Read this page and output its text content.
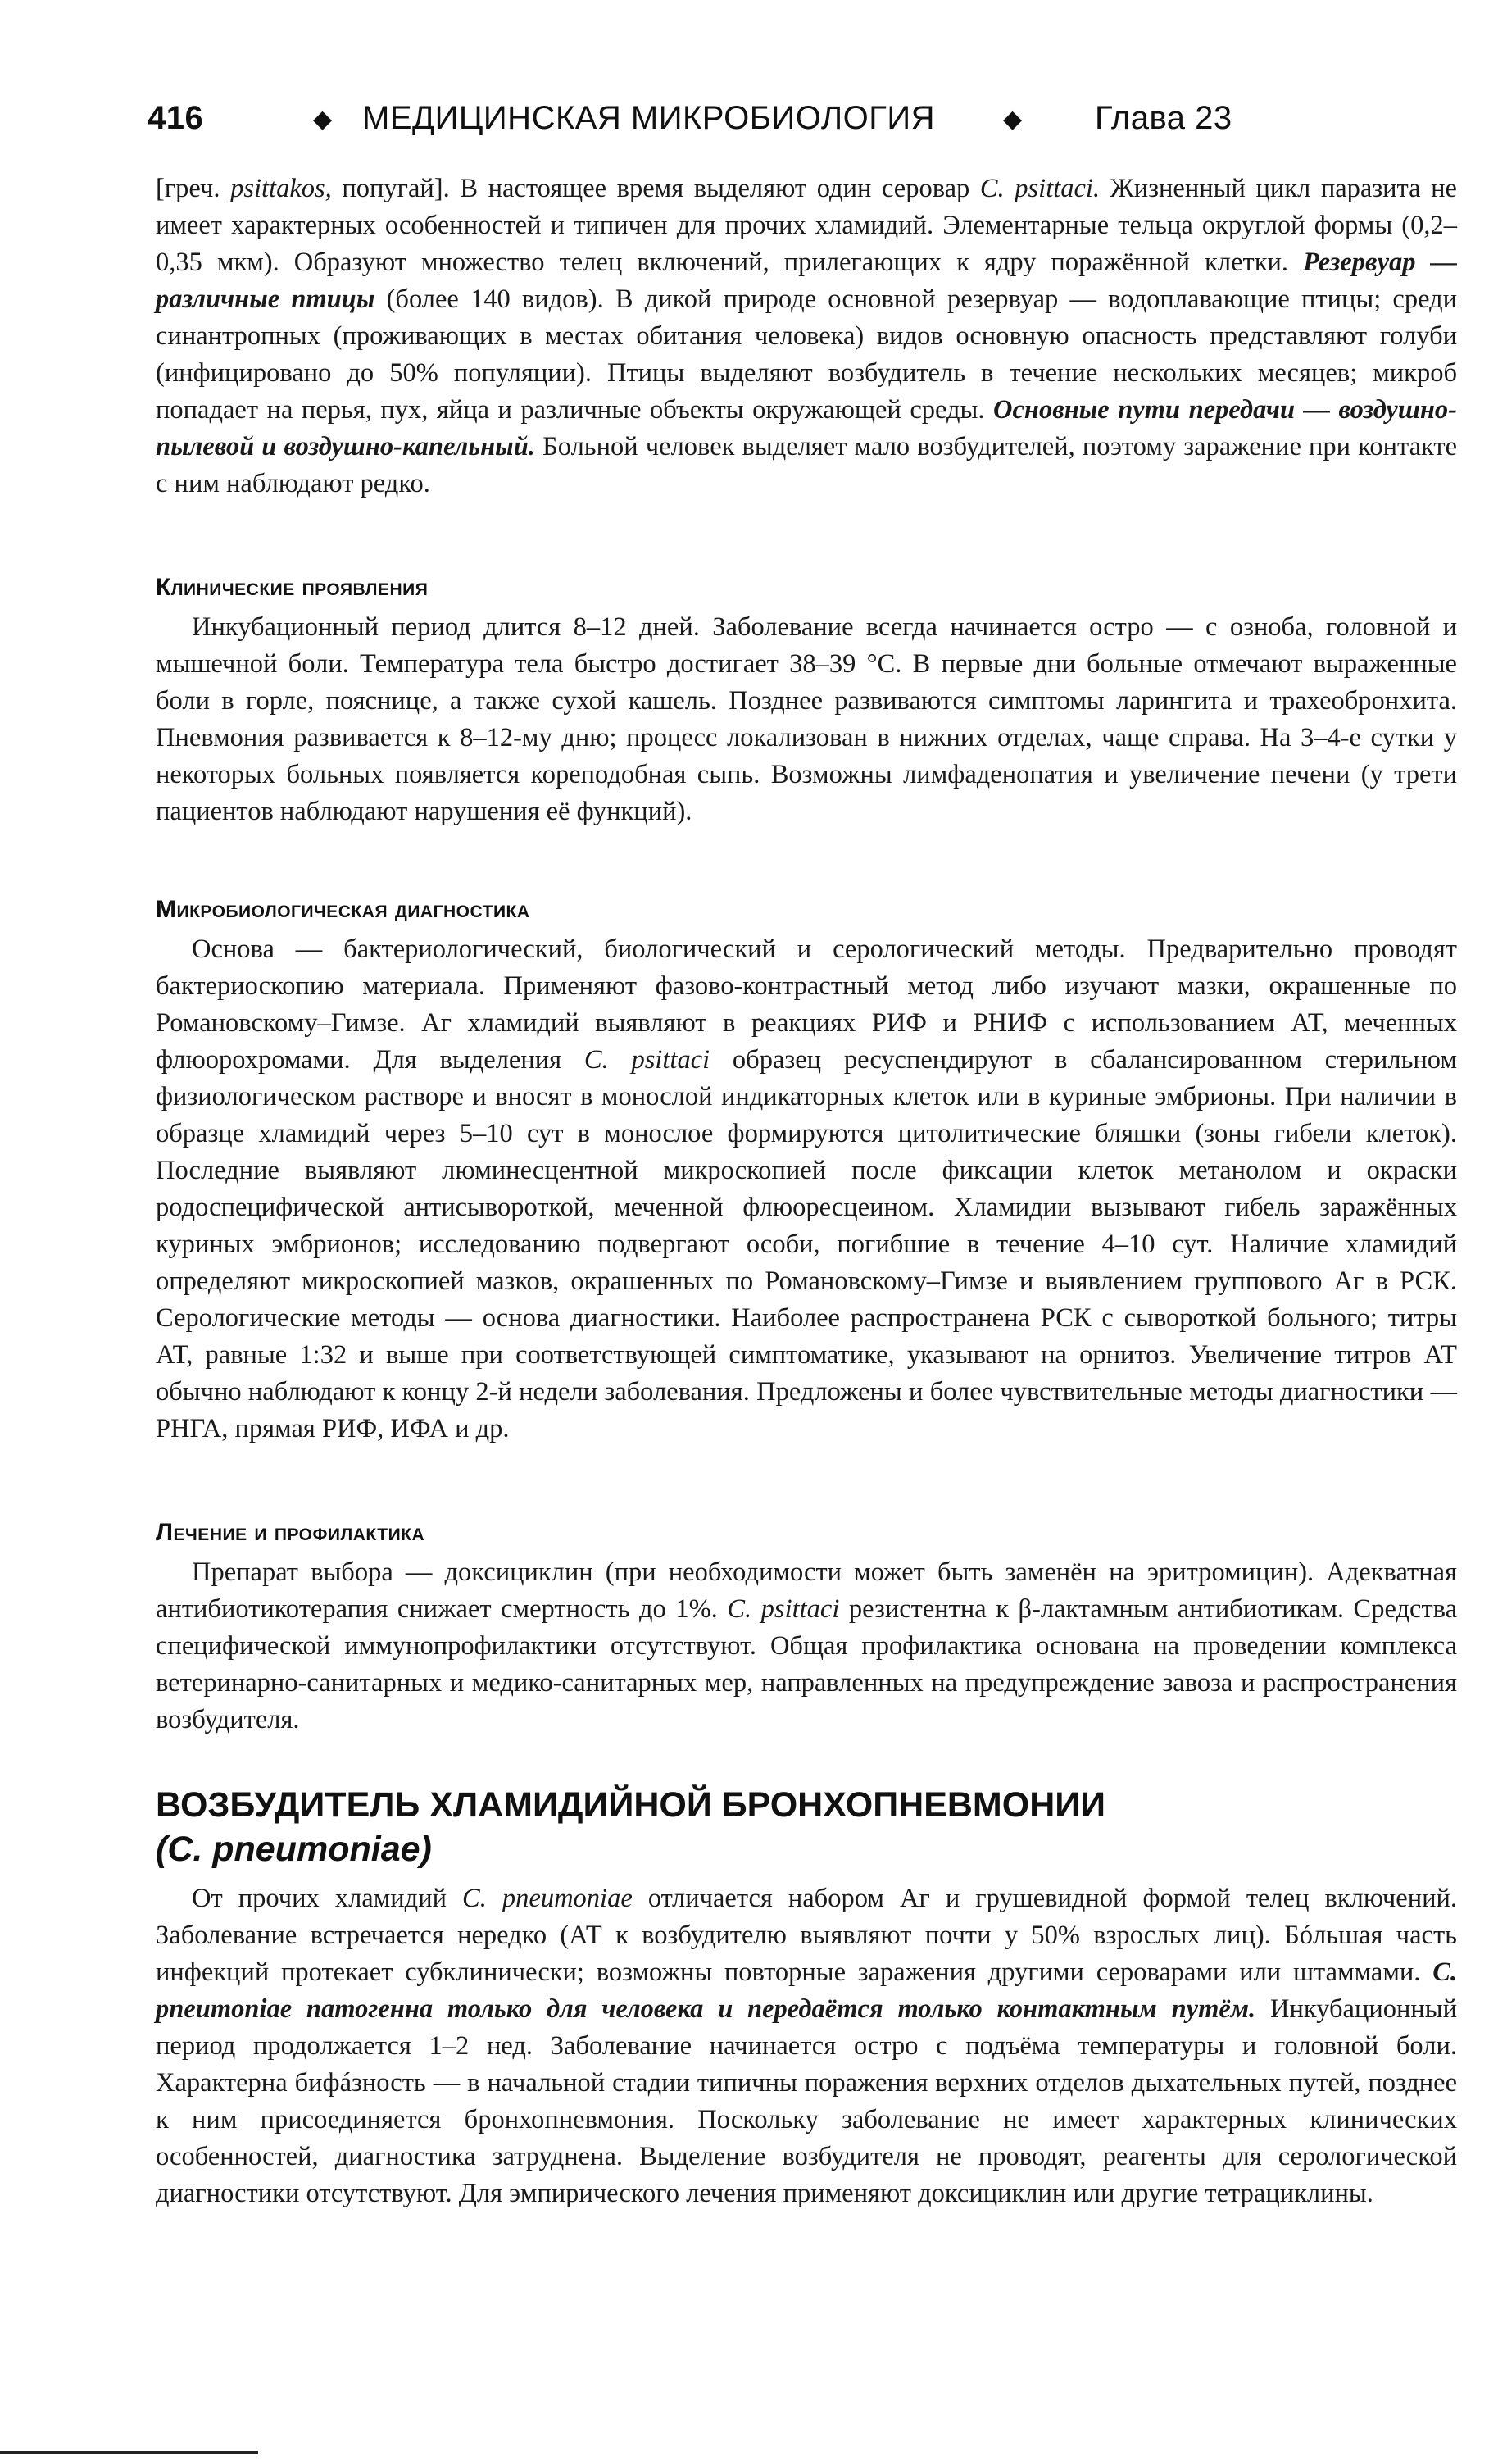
416	◆ МЕДИЦИНСКАЯ МИКРОБИОЛОГИЯ	◆ Глава 23

[греч. psittakos, попугай]. В настоящее время выделяют один серовар C. psittaci. Жизненный цикл паразита не имеет характерных особенностей и типичен для прочих хламидий. Элементарные тельца округлой формы (0,2–0,35 мкм). Образуют множество телец включений, прилегающих к ядру поражённой клетки. Резервуар — различные птицы (более 140 видов). В дикой природе основной резервуар — водоплавающие птицы; среди синантропных (проживающих в местах обитания человека) видов основную опасность представляют голуби (инфицировано до 50% популяции). Птицы выделяют возбудитель в течение нескольких месяцев; микроб попадает на перья, пух, яйца и различные объекты окружающей среды. Основные пути передачи — воздушно-пылевой и воздушно-капельный. Больной человек выделяет мало возбудителей, поэтому заражение при контакте с ним наблюдают редко.

Клинические проявления

Инкубационный период длится 8–12 дней. Заболевание всегда начинается остро — с озноба, головной и мышечной боли. Температура тела быстро достигает 38–39 °С. В первые дни больные отмечают выраженные боли в горле, пояснице, а также сухой кашель. Позднее развиваются симптомы ларингита и трахеобронхита. Пневмония развивается к 8–12-му дню; процесс локализован в нижних отделах, чаще справа. На 3–4-е сутки у некоторых больных появляется кореподобная сыпь. Возможны лимфаденопатия и увеличение печени (у трети пациентов наблюдают нарушения её функций).

Микробиологическая диагностика

Основа — бактериологический, биологический и серологический методы. Предварительно проводят бактериоскопию материала. Применяют фазово-контрастный метод либо изучают мазки, окрашенные по Романовскому–Гимзе. Аг хламидий выявляют в реакциях РИФ и РНИФ с использованием АТ, меченных флюорохромами. Для выделения C. psittaci образец ресуспендируют в сбалансированном стерильном физиологическом растворе и вносят в монослой индикаторных клеток или в куриные эмбрионы. При наличии в образце хламидий через 5–10 сут в монослое формируются цитолитические бляшки (зоны гибели клеток). Последние выявляют люминесцентной микроскопией после фиксации клеток метанолом и окраски родоспецифической антисывороткой, меченной флюоресцеином. Хламидии вызывают гибель заражённых куриных эмбрионов; исследованию подвергают особи, погибшие в течение 4–10 сут. Наличие хламидий определяют микроскопией мазков, окрашенных по Романовскому–Гимзе и выявлением группового Аг в РСК. Серологические методы — основа диагностики. Наиболее распространена РСК с сывороткой больного; титры АТ, равные 1:32 и выше при соответствующей симптоматике, указывают на орнитоз. Увеличение титров АТ обычно наблюдают к концу 2-й недели заболевания. Предложены и более чувствительные методы диагностики — РНГА, прямая РИФ, ИФА и др.

Лечение и профилактика

Препарат выбора — доксициклин (при необходимости может быть заменён на эритромицин). Адекватная антибиотикотерапия снижает смертность до 1%. C. psittaci резистентна к β-лактамным антибиотикам. Средства специфической иммунопрофилактики отсутствуют. Общая профилактика основана на проведении комплекса ветеринарно-санитарных и медико-санитарных мер, направленных на предупреждение завоза и распространения возбудителя.

ВОЗБУДИТЕЛЬ ХЛАМИДИЙНОЙ БРОНХОПНЕВМОНИИ
(C. pneumoniae)

От прочих хламидий C. pneumoniae отличается набором Аг и грушевидной формой телец включений. Заболевание встречается нередко (АТ к возбудителю выявляют почти у 50% взрослых лиц). Бóльшая часть инфекций протекает субклинически; возможны повторные заражения другими сероварами или штаммами. C. pneumoniae патогенна только для человека и передаётся только контактным путём. Инкубационный период продолжается 1–2 нед. Заболевание начинается остро с подъёма температуры и головной боли. Характерна бифáзность — в начальной стадии типичны поражения верхних отделов дыхательных путей, позднее к ним присоединяется бронхопневмония. Поскольку заболевание не имеет характерных клинических особенностей, диагностика затруднена. Выделение возбудителя не проводят, реагенты для серологической диагностики отсутствуют. Для эмпирического лечения применяют доксициклин или другие тетрациклины.
